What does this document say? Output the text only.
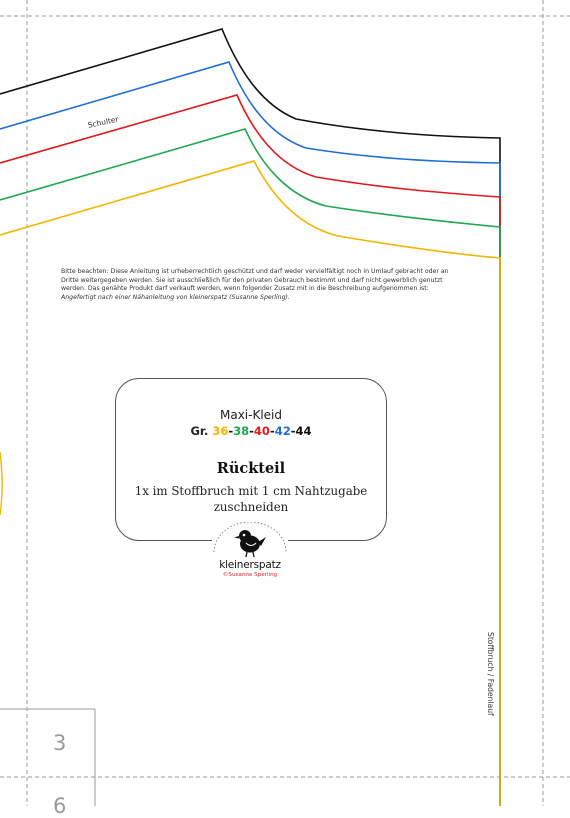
Schulter
Bitte beachten: Diese Anleitung ist urheberrechtlich geschützt und darf weder vervielfältigt noch in Umlauf gebracht oder an
Dritte weitergegeben werden. Sie ist ausschließlich für den privaten Gebrauch bestimmt und darf nicht gewerblich genutzt
werden. Das genähte Produkt darf verkauft werden, wenn folgender Zusatz mit in die Beschreibung aufgenommen ist:
Angefertigt nach einer Nähanleitung von kleinerspatz (Susanne Sperling).
Maxi-Kleid
Gr. 36-38-40-42-44
Rückteil
1x im Stoffbruch mit 1 cm Nahtzugabe
zuschneiden
kleinerspatz
©Susanne Sperling
Stoffbruch / Fadenlauf
3
6
